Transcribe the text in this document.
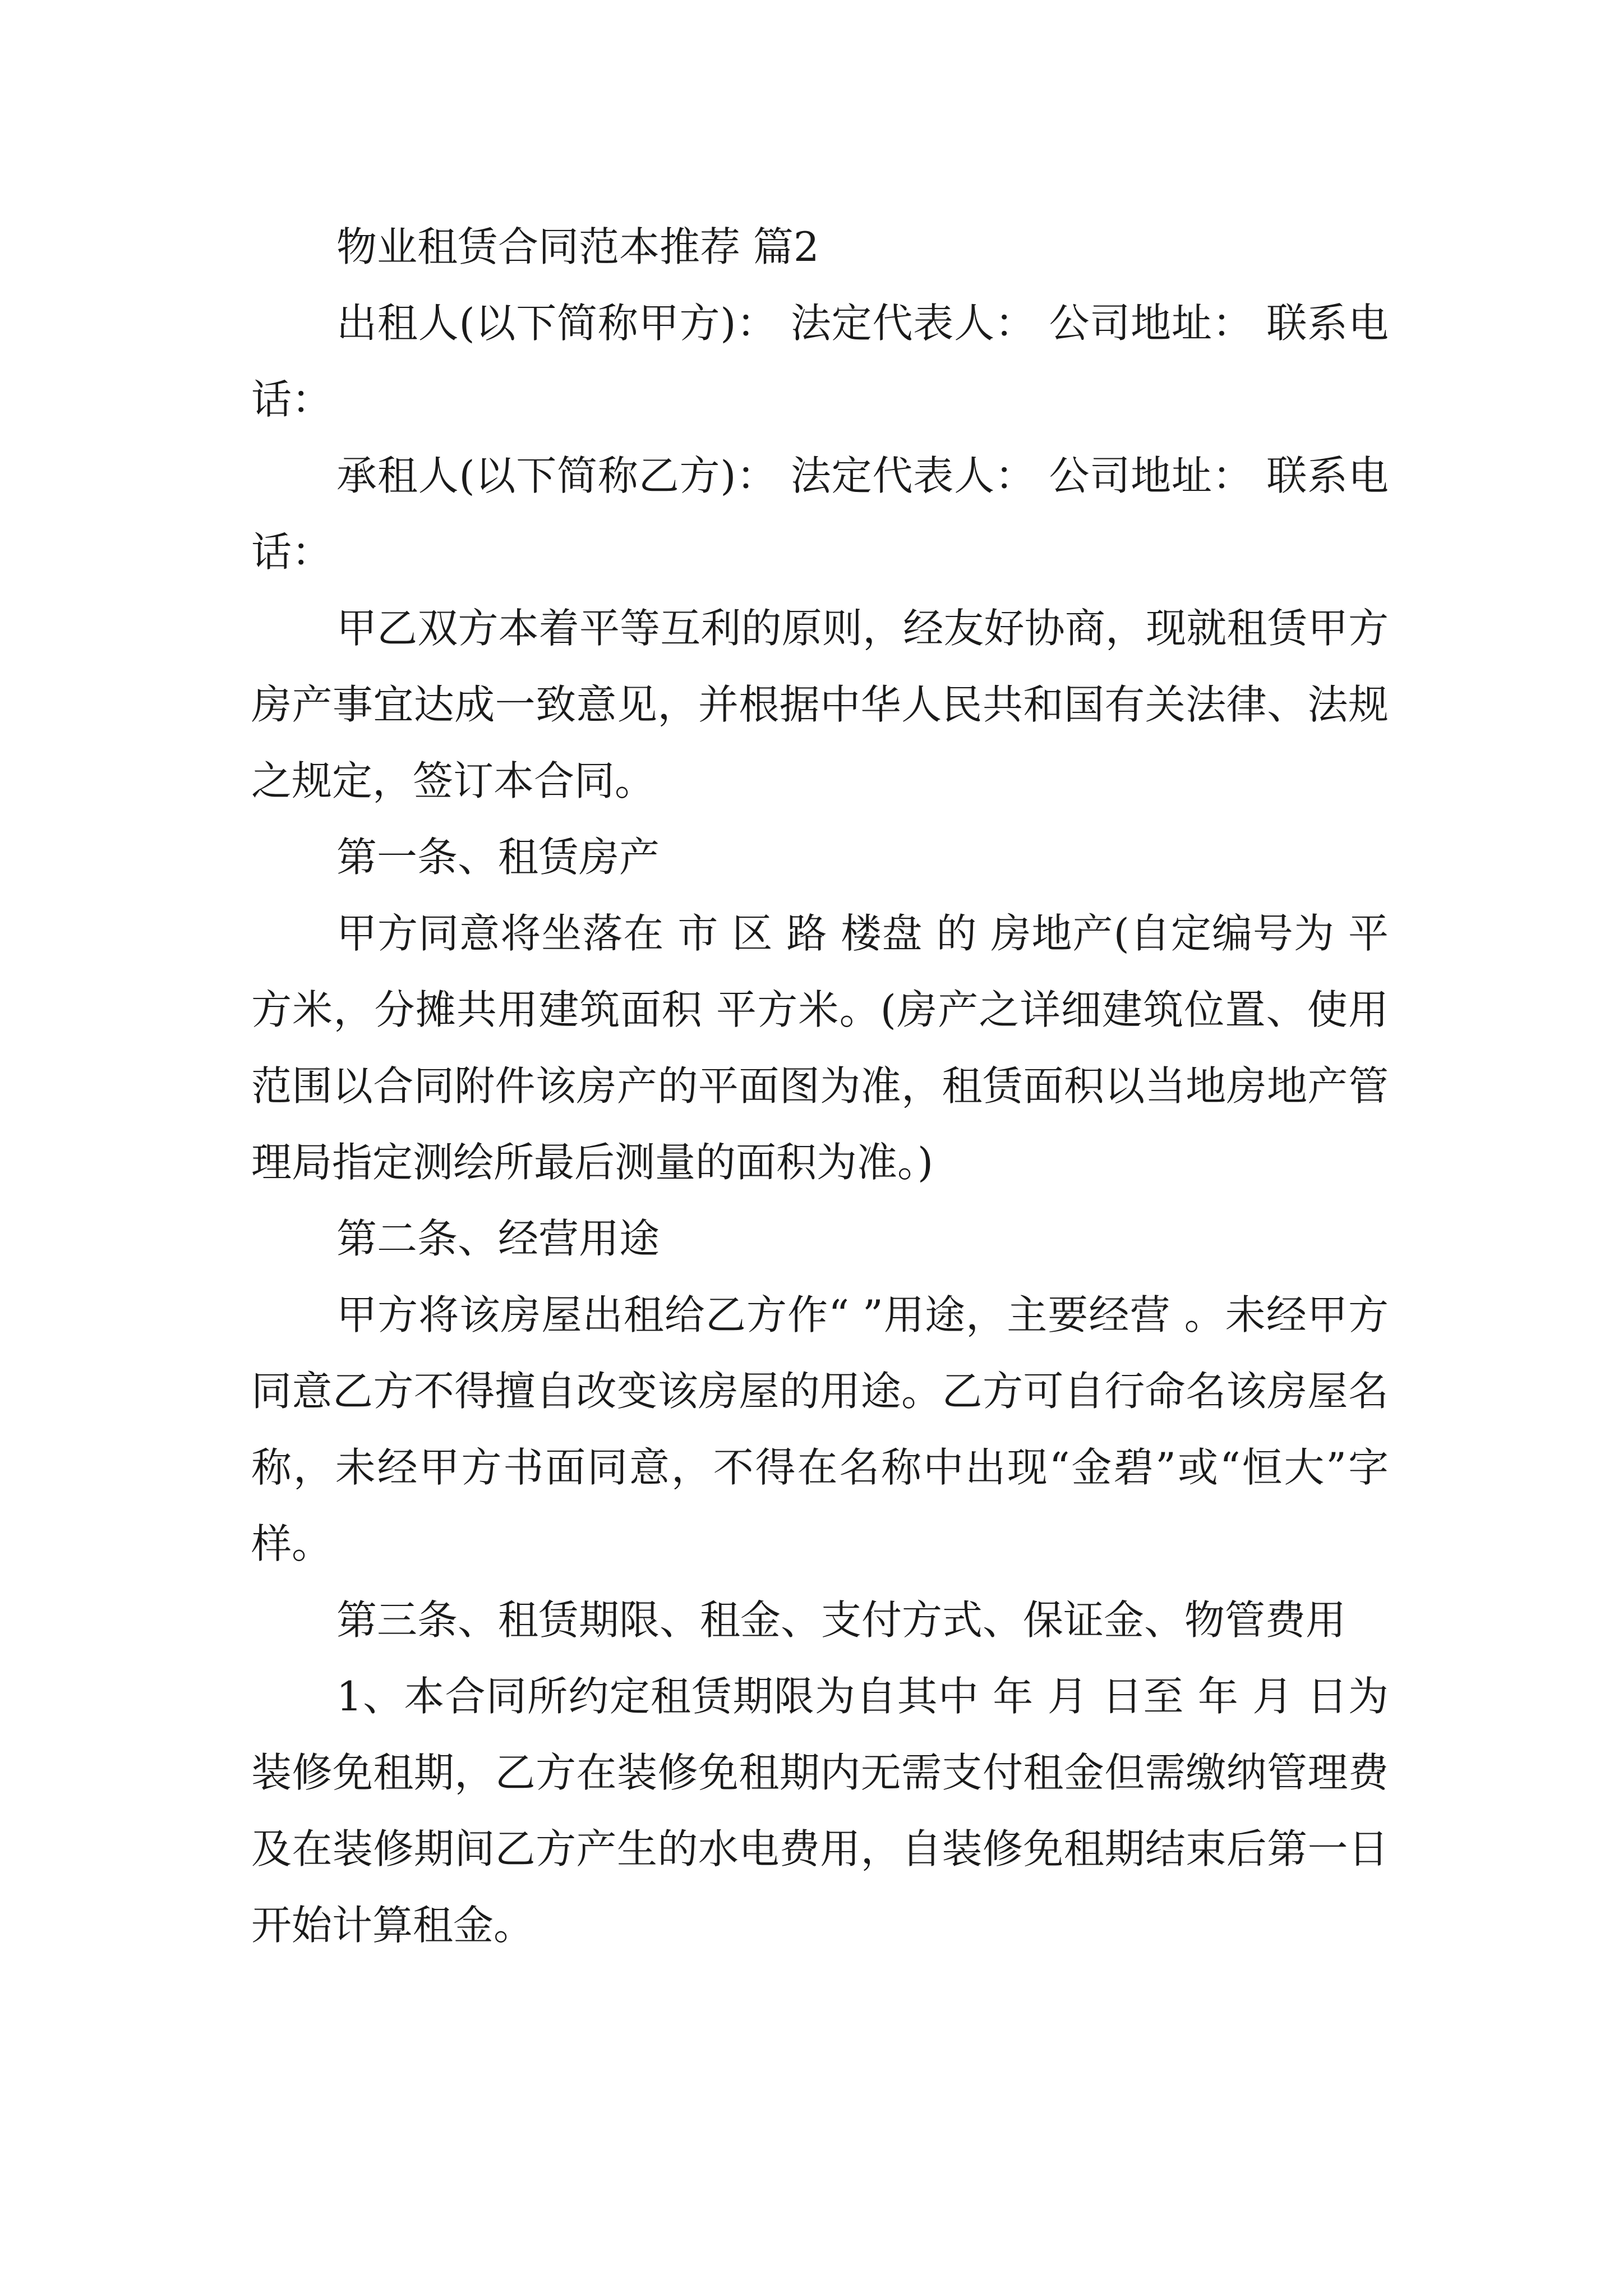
物业租赁合同范本推荐 篇2

出租人(以下简称甲方)： 法定代表人： 公司地址： 联系电话：

承租人(以下简称乙方)： 法定代表人： 公司地址： 联系电话：

甲乙双方本着平等互利的原则，经友好协商，现就租赁甲方房产事宜达成一致意见，并根据中华人民共和国有关法律、法规之规定，签订本合同。

第一条、租赁房产

甲方同意将坐落在 市 区 路 楼盘 的 房地产(自定编号为 平方米，分摊共用建筑面积 平方米。(房产之详细建筑位置、使用范围以合同附件该房产的平面图为准，租赁面积以当地房地产管理局指定测绘所最后测量的面积为准。)

第二条、经营用途

甲方将该房屋出租给乙方作“ ”用途，主要经营 。未经甲方同意乙方不得擅自改变该房屋的用途。乙方可自行命名该房屋名称，未经甲方书面同意，不得在名称中出现“金碧”或“恒大”字样。

第三条、租赁期限、租金、支付方式、保证金、物管费用

1、本合同所约定租赁期限为自其中 年 月 日至 年 月 日为装修免租期，乙方在装修免租期内无需支付租金但需缴纳管理费及在装修期间乙方产生的水电费用，自装修免租期结束后第一日开始计算租金。
